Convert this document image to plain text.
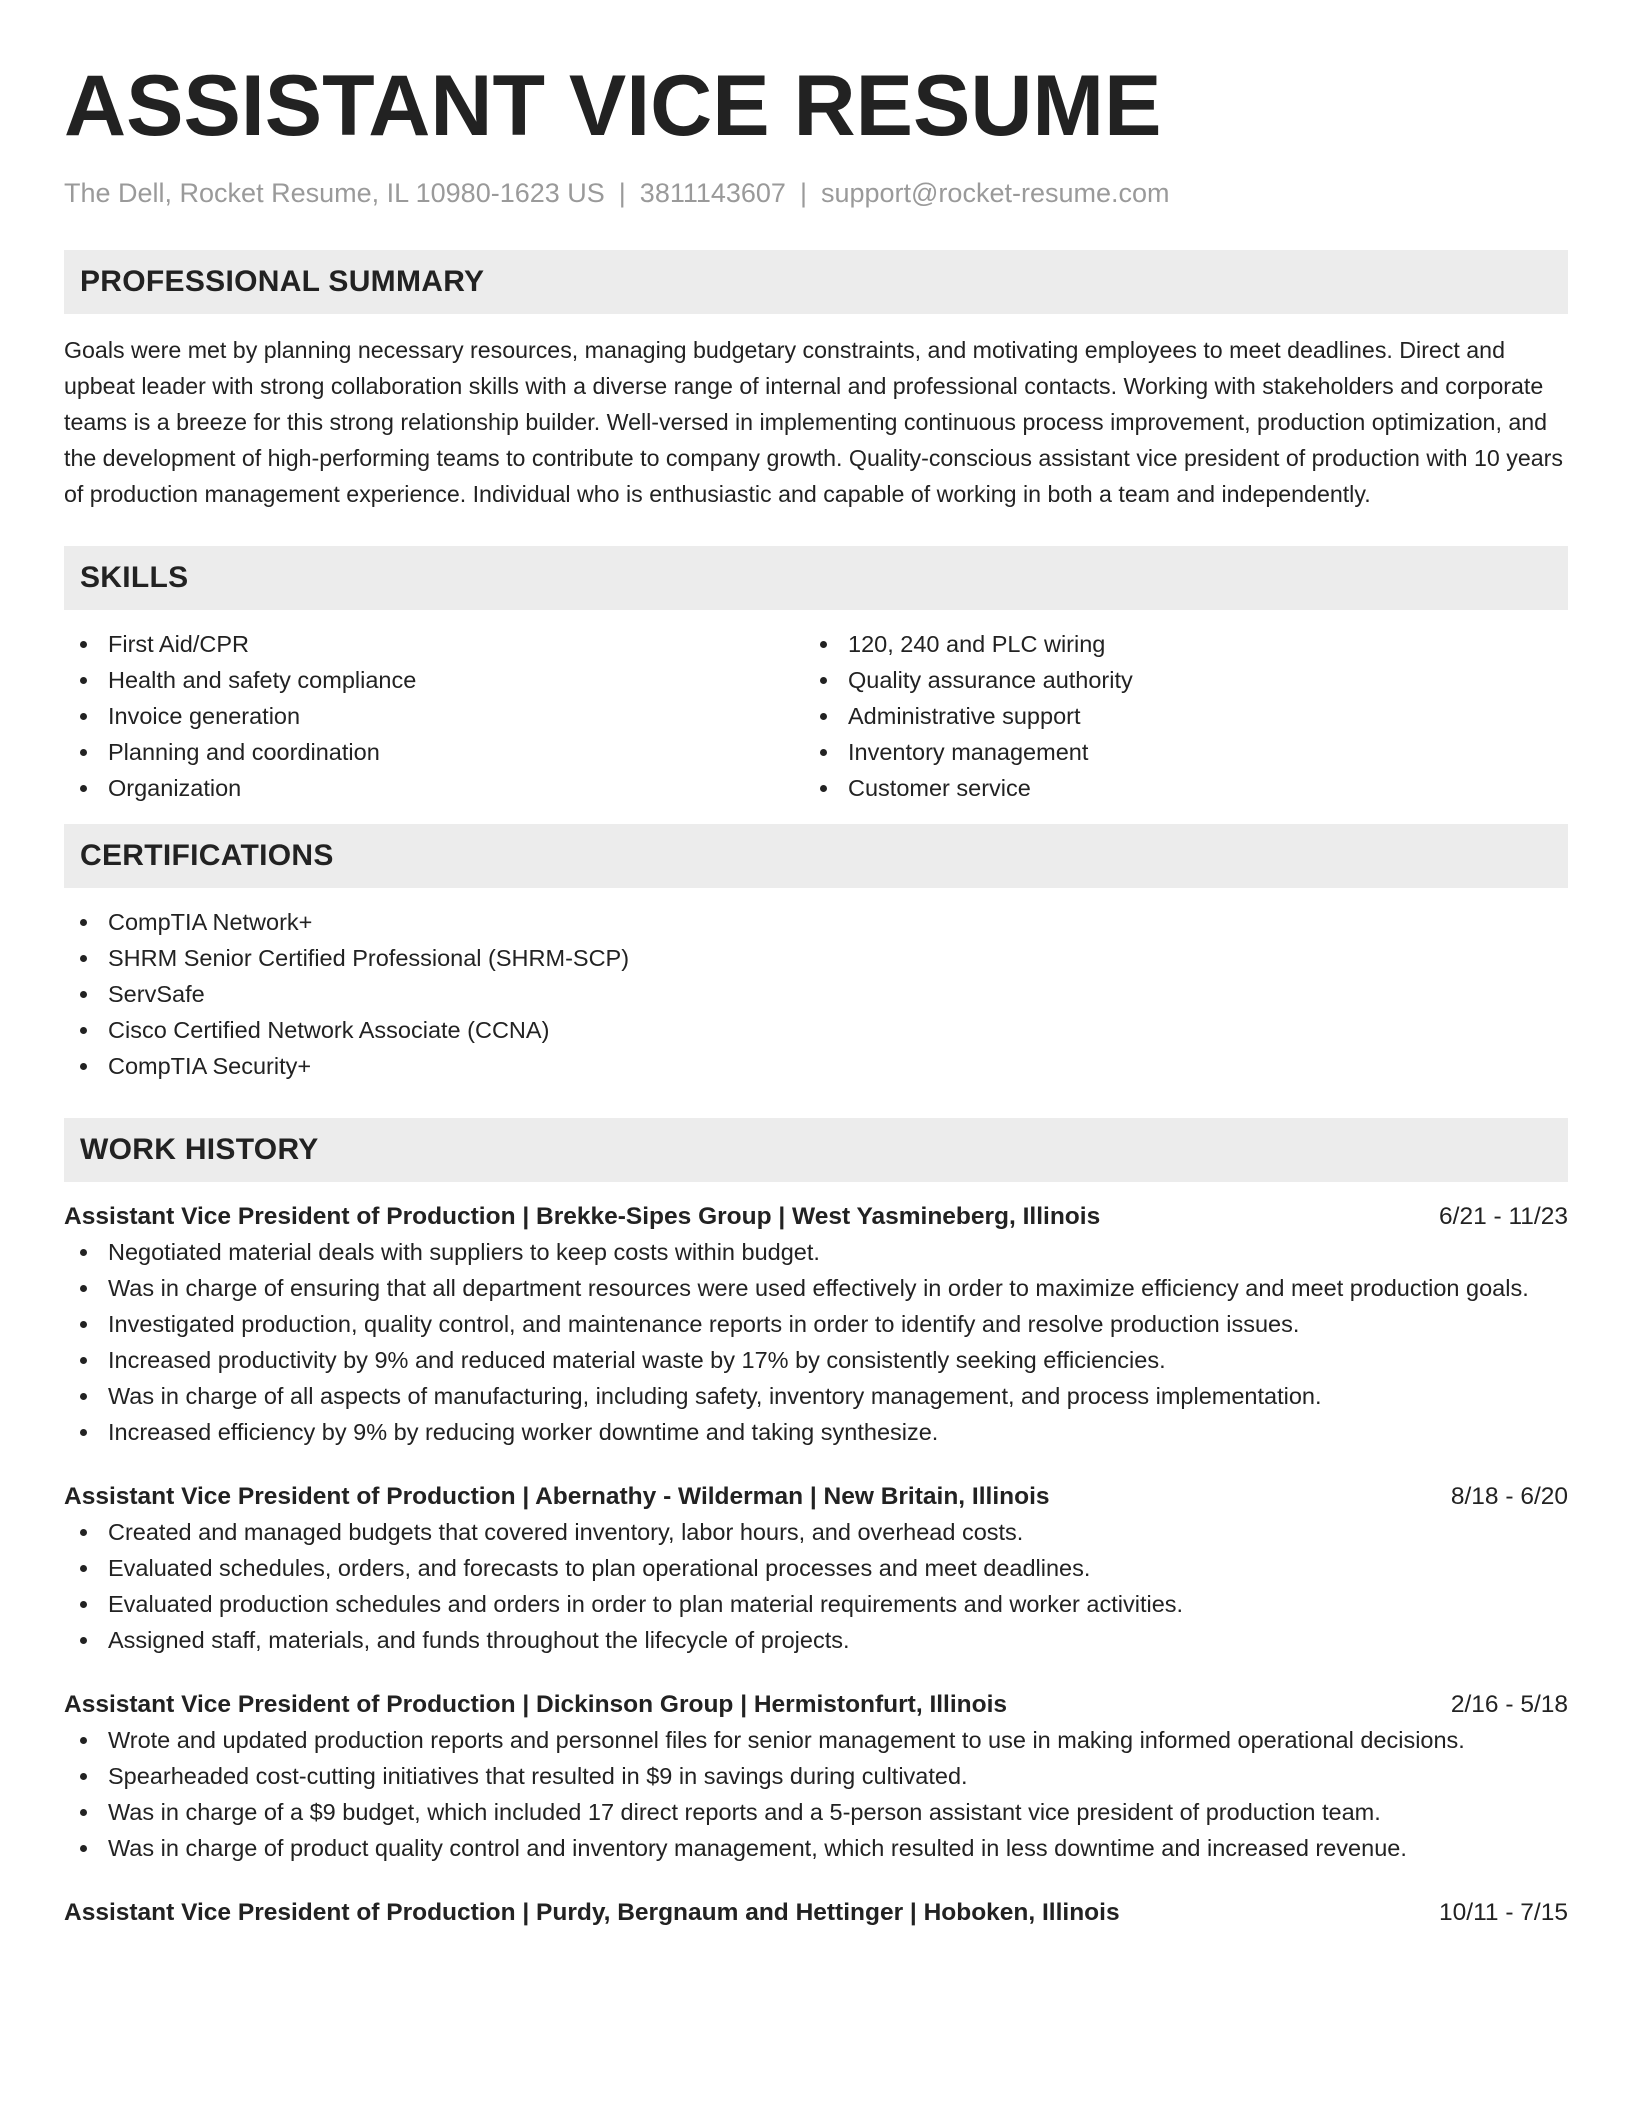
ASSISTANT VICE RESUME
The Dell, Rocket Resume, IL 10980-1623 US | 3811143607 | support@rocket-resume.com
PROFESSIONAL SUMMARY

Goals were met by planning necessary resources, managing budgetary constraints, and motivating employees to meet deadlines. Direct and upbeat leader with strong collaboration skills with a diverse range of internal and professional contacts. Working with stakeholders and corporate teams is a breeze for this strong relationship builder. Well-versed in implementing continuous process improvement, production optimization, and the development of high-performing teams to contribute to company growth. Quality-conscious assistant vice president of production with 10 years of production management experience. Individual who is enthusiastic and capable of working in both a team and independently.

SKILLS
First Aid/CPR
Health and safety compliance
Invoice generation
Planning and coordination
Organization
120, 240 and PLC wiring
Quality assurance authority
Administrative support
Inventory management
Customer service
CERTIFICATIONS
CompTIA Network+
SHRM Senior Certified Professional (SHRM-SCP)
ServSafe
Cisco Certified Network Associate (CCNA)
CompTIA Security+
WORK HISTORY
Assistant Vice President of Production | Brekke-Sipes Group | West Yasmineberg, Illinois	6/21 - 11/23
Negotiated material deals with suppliers to keep costs within budget.
Was in charge of ensuring that all department resources were used effectively in order to maximize efficiency and meet production goals.
Investigated production, quality control, and maintenance reports in order to identify and resolve production issues.
Increased productivity by 9% and reduced material waste by 17% by consistently seeking efficiencies.
Was in charge of all aspects of manufacturing, including safety, inventory management, and process implementation.
Increased efficiency by 9% by reducing worker downtime and taking synthesize.
Assistant Vice President of Production | Abernathy - Wilderman | New Britain, Illinois	8/18 - 6/20
Created and managed budgets that covered inventory, labor hours, and overhead costs.
Evaluated schedules, orders, and forecasts to plan operational processes and meet deadlines.
Evaluated production schedules and orders in order to plan material requirements and worker activities.
Assigned staff, materials, and funds throughout the lifecycle of projects.
Assistant Vice President of Production | Dickinson Group | Hermistonfurt, Illinois	2/16 - 5/18
Wrote and updated production reports and personnel files for senior management to use in making informed operational decisions.
Spearheaded cost-cutting initiatives that resulted in $9 in savings during cultivated.
Was in charge of a $9 budget, which included 17 direct reports and a 5-person assistant vice president of production team.
Was in charge of product quality control and inventory management, which resulted in less downtime and increased revenue.
Assistant Vice President of Production | Purdy, Bergnaum and Hettinger | Hoboken, Illinois	10/11 - 7/15
